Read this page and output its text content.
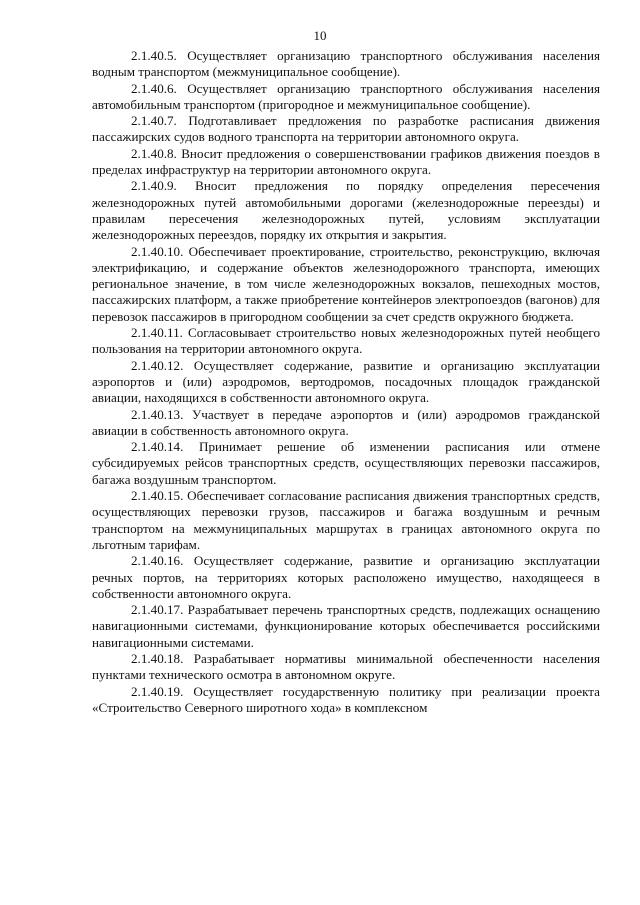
10

2.1.40.5. Осуществляет организацию транспортного обслуживания населения водным транспортом (межмуниципальное сообщение).

2.1.40.6. Осуществляет организацию транспортного обслуживания населения автомобильным транспортом (пригородное и межмуниципальное сообщение).

2.1.40.7. Подготавливает предложения по разработке расписания движения пассажирских судов водного транспорта на территории автономного округа.

2.1.40.8. Вносит предложения о совершенствовании графиков движения поездов в пределах инфраструктур на территории автономного округа.

2.1.40.9. Вносит предложения по порядку определения пересечения железнодорожных путей автомобильными дорогами (железнодорожные переезды) и правилам пересечения железнодорожных путей, условиям эксплуатации железнодорожных переездов, порядку их открытия и закрытия.

2.1.40.10. Обеспечивает проектирование, строительство, реконструкцию, включая электрификацию, и содержание объектов железнодорожного транспорта, имеющих региональное значение, в том числе железнодорожных вокзалов, пешеходных мостов, пассажирских платформ, а также приобретение контейнеров электропоездов (вагонов) для перевозок пассажиров в пригородном сообщении за счет средств окружного бюджета.

2.1.40.11. Согласовывает строительство новых железнодорожных путей необщего пользования на территории автономного округа.

2.1.40.12. Осуществляет содержание, развитие и организацию эксплуатации аэропортов и (или) аэродромов, вертодромов, посадочных площадок гражданской авиации, находящихся в собственности автономного округа.

2.1.40.13. Участвует в передаче аэропортов и (или) аэродромов гражданской авиации в собственность автономного округа.

2.1.40.14. Принимает решение об изменении расписания или отмене субсидируемых рейсов транспортных средств, осуществляющих перевозки пассажиров, багажа воздушным транспортом.

2.1.40.15. Обеспечивает согласование расписания движения транспортных средств, осуществляющих перевозки грузов, пассажиров и багажа воздушным и речным транспортом на межмуниципальных маршрутах в границах автономного округа по льготным тарифам.

2.1.40.16. Осуществляет содержание, развитие и организацию эксплуатации речных портов, на территориях которых расположено имущество, находящееся в собственности автономного округа.

2.1.40.17. Разрабатывает перечень транспортных средств, подлежащих оснащению навигационными системами, функционирование которых обеспечивается российскими навигационными системами.

2.1.40.18. Разрабатывает нормативы минимальной обеспеченности населения пунктами технического осмотра в автономном округе.

2.1.40.19. Осуществляет государственную политику при реализации проекта «Строительство Северного широтного хода» в комплексном
